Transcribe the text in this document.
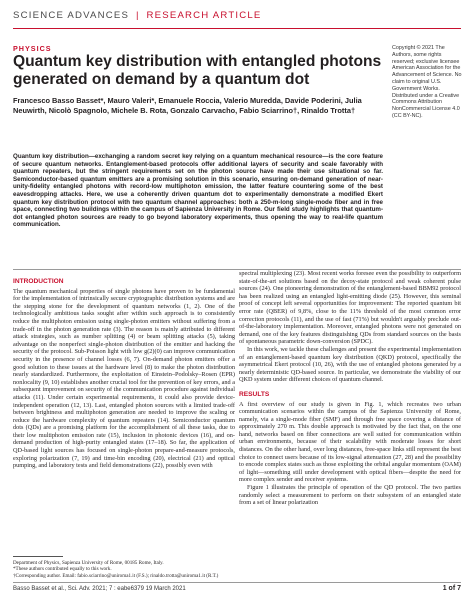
SCIENCE ADVANCES | RESEARCH ARTICLE
PHYSICS
Quantum key distribution with entangled photons generated on demand by a quantum dot

Francesco Basso Basset*, Mauro Valeri*, Emanuele Roccia, Valerio Muredda, Davide Poderini, Julia Neuwirth, Nicolò Spagnolo, Michele B. Rota, Gonzalo Carvacho, Fabio Sciarrino†, Rinaldo Trotta†

Copyright © 2021 The Authors, some rights reserved; exclusive licensee American Association for the Advancement of Science. No claim to original U.S. Government Works. Distributed under a Creative Commons Attribution NonCommercial License 4.0 (CC BY-NC).

Quantum key distribution—exchanging a random secret key relying on a quantum mechanical resource—is the core feature of secure quantum networks. Entanglement-based protocols offer additional layers of security and scale favorably with quantum repeaters, but the stringent requirements set on the photon source have made their use situational so far. Semiconductor-based quantum emitters are a promising solution in this scenario, ensuring on-demand generation of near-unity-fidelity entangled photons with record-low multiphoton emission, the latter feature countering some of the best eavesdropping attacks. Here, we use a coherently driven quantum dot to experimentally demonstrate a modified Ekert quantum key distribution protocol with two quantum channel approaches: both a 250-m-long single-mode fiber and in free space, connecting two buildings within the campus of Sapienza University in Rome. Our field study highlights that quantum-dot entangled photon sources are ready to go beyond laboratory experiments, thus opening the way to real-life quantum communication.

INTRODUCTION

The quantum mechanical properties of single photons have proven to be fundamental for the implementation of intrinsically secure cryptographic distribution systems and are the stepping stone for the development of quantum networks (1, 2). One of the technologically ambitious tasks sought after within such approach is to consistently reduce the multiphoton emission using single-photon emitters without suffering from a trade-off in the photon generation rate (3). The reason is mainly attributed to different attack strategies, such as number splitting (4) or beam splitting attacks (5), taking advantage on the nonperfect single-photon distribution of the emitter and hacking the security of the protocol. Sub-Poisson light with low g(2)(0) can improve communication security in the presence of channel losses (6, 7). On-demand photon emitters offer a good solution to these issues at the hardware level (8) to make the photon distribution nearly standardized. Furthermore, the exploitation of Einstein–Podolsky–Rosen (EPR) nonlocality (9, 10) establishes another crucial tool for the prevention of key errors, and a subsequent improvement on security of the communication procedure against individual attacks (11). Under certain experimental requirements, it could also provide device-independent operation (12, 13). Last, entangled photon sources with a limited trade-off between brightness and multiphoton generation are needed to improve the scaling or reduce the hardware complexity of quantum repeaters (14). Semiconductor quantum dots (QDs) are a promising platform for the accomplishment of all these tasks, due to their low multiphoton emission rate (15), inclusion in photonic devices (16), and on-demand production of high-purity entangled states (17–18). So far, the application of QD-based light sources has focused on single-photon prepare-and-measure protocols, exploring polarization (7, 19) and time-bin encoding (20), electrical (21) and optical pumping, and laboratory tests and field demonstrations (22), possibly even with

spectral multiplexing (23). Most recent works foresee even the possibility to outperform state-of-the-art solutions based on the decoy-state protocol and weak coherent pulse sources (24). One pioneering demonstration of the entanglement-based BBM92 protocol has been realized using an entangled light-emitting diode (25). However, this seminal proof of concept left several opportunities for improvement: The reported quantum bit error rate (QBER) of 9,8%, close to the 11% threshold of the most common error correction protocols (11), and the use of fast (71%) but wouldn't arguably preclude out-of-the-laboratory implementation. Moreover, entangled photons were not generated on demand, one of the key features distinguishing QDs from standard sources on the basis of spontaneous parametric down-conversion (SPDC).

In this work, we tackle these challenges and present the experimental implementation of an entanglement-based quantum key distribution (QKD) protocol, specifically the asymmetrical Ekert protocol (10, 26), with the use of entangled photons generated by a nearly deterministic QD-based source. In particular, we demonstrate the viability of our QKD system under different choices of quantum channel.

RESULTS

A first overview of our study is given in Fig. 1, which recreates two urban communication scenarios within the campus of the Sapienza University of Rome, namely, via a single-mode fiber (SMF) and through free space covering a distance of approximately 270 m. This double approach is motivated by the fact that, on the one hand, networks based on fiber connections are well suited for communication within urban environments, because of their scalability with moderate losses for short distances. On the other hand, over long distances, free-space links still represent the best choice to connect users because of its low-signal attenuation (27, 28) and the possibility to encode complex states such as those exploiting the orbital angular momentum (OAM) of light—something still under development with optical fibers—despite the need for more complex sender and receiver systems.

Figure 1 illustrates the principle of operation of the QD protocol. The two parties randomly select a measurement to perform on their subsystem of an entangled state from a set of linear polarization

Department of Physics, Sapienza University of Rome, 00185 Rome, Italy.
*These authors contributed equally to this work.
†Corresponding author. Email: fabio.sciarrino@uniroma1.it (F.S.); rinaldo.trotta@uniroma1.it (R.T.)
Basso Basset et al., Sci. Adv. 2021; 7 : eabe6379 19 March 2021	1 of 7
